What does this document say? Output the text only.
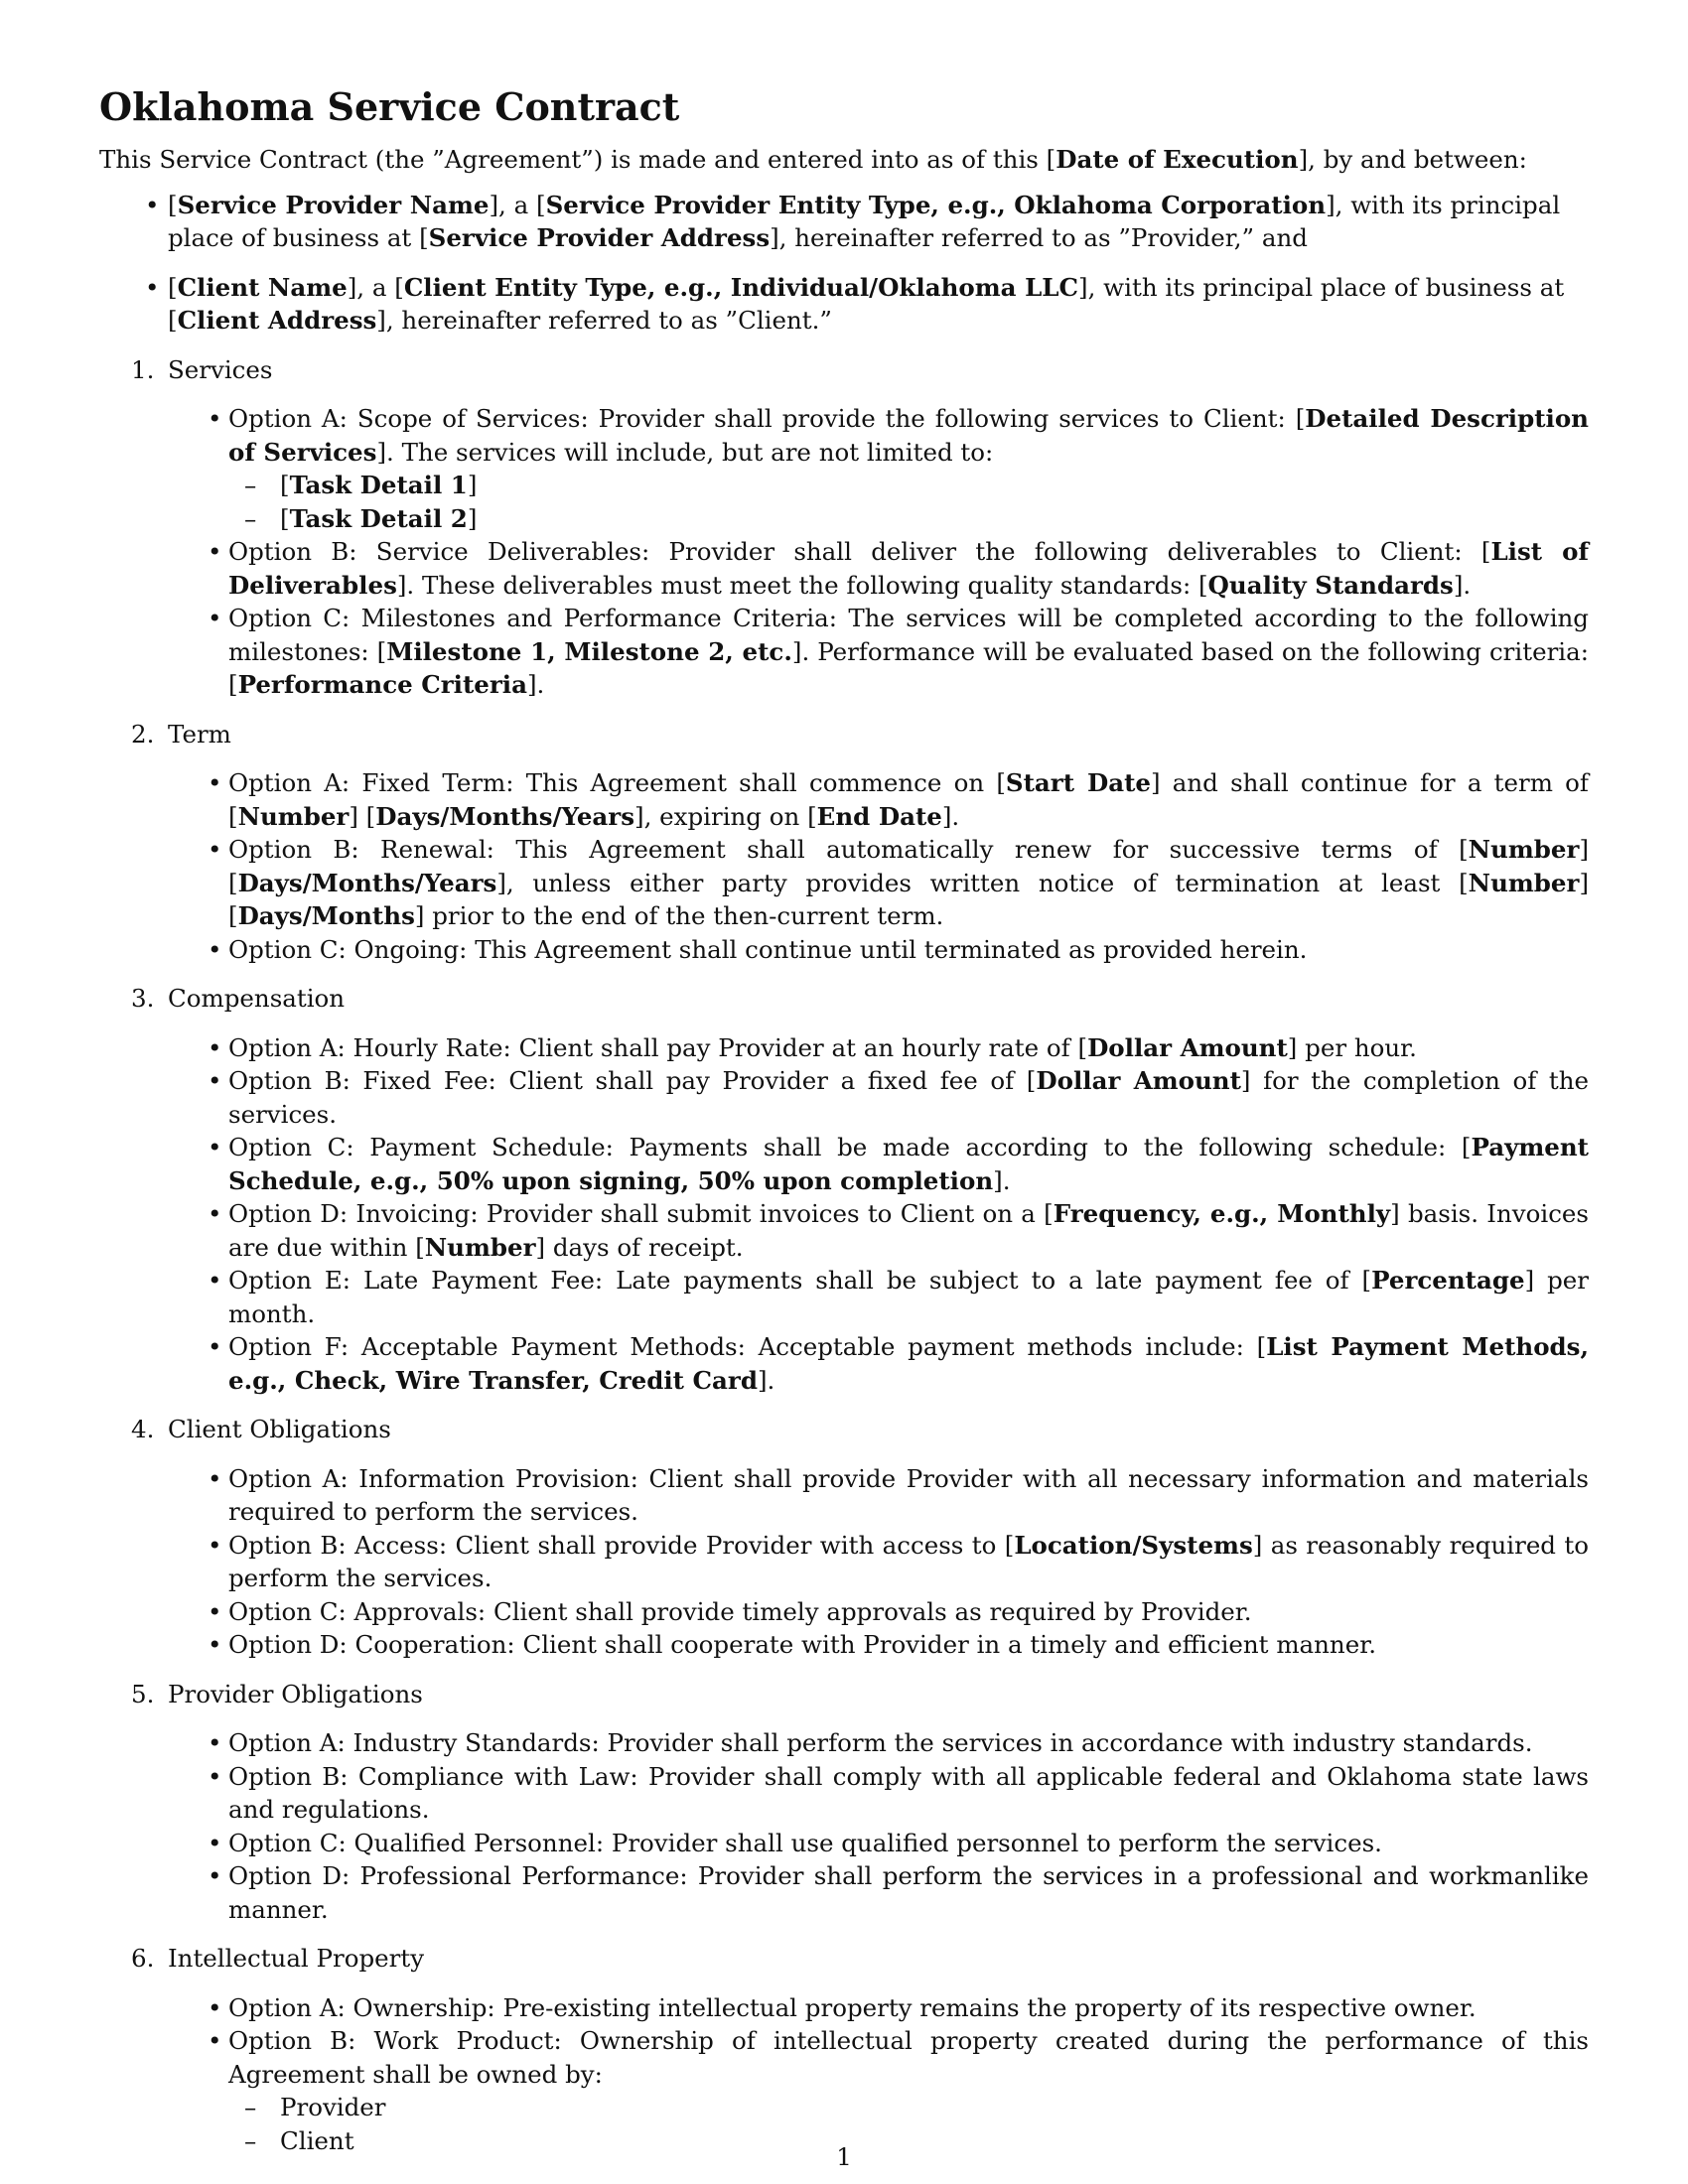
Oklahoma Service Contract

This Service Contract (the ”Agreement”) is made and entered into as of this [Date of Execution], by and between:

• [Service Provider Name], a [Service Provider Entity Type, e.g., Oklahoma Corporation], with its principal place of business at [Service Provider Address], hereinafter referred to as ”Provider,” and
• [Client Name], a [Client Entity Type, e.g., Individual/Oklahoma LLC], with its principal place of business at [Client Address], hereinafter referred to as ”Client.”
1. Services
• Option A: Scope of Services: Provider shall provide the following services to Client: [Detailed Description of Services]. The services will include, but are not limited to:
– [Task Detail 1]
– [Task Detail 2]
• Option B: Service Deliverables: Provider shall deliver the following deliverables to Client: [List of Deliverables]. These deliverables must meet the following quality standards: [Quality Standards].
• Option C: Milestones and Performance Criteria: The services will be completed according to the following milestones: [Milestone 1, Milestone 2, etc.]. Performance will be evaluated based on the following criteria: [Performance Criteria].
2. Term
• Option A: Fixed Term: This Agreement shall commence on [Start Date] and shall continue for a term of [Number] [Days/Months/Years], expiring on [End Date].
• Option B: Renewal: This Agreement shall automatically renew for successive terms of [Number] [Days/Months/Years], unless either party provides written notice of termination at least [Number] [Days/Months] prior to the end of the then-current term.
• Option C: Ongoing: This Agreement shall continue until terminated as provided herein.
3. Compensation
• Option A: Hourly Rate: Client shall pay Provider at an hourly rate of [Dollar Amount] per hour.
• Option B: Fixed Fee: Client shall pay Provider a fixed fee of [Dollar Amount] for the completion of the services.
• Option C: Payment Schedule: Payments shall be made according to the following schedule: [Payment Schedule, e.g., 50% upon signing, 50% upon completion].
• Option D: Invoicing: Provider shall submit invoices to Client on a [Frequency, e.g., Monthly] basis. Invoices are due within [Number] days of receipt.
• Option E: Late Payment Fee: Late payments shall be subject to a late payment fee of [Percentage] per month.
• Option F: Acceptable Payment Methods: Acceptable payment methods include: [List Payment Methods, e.g., Check, Wire Transfer, Credit Card].
4. Client Obligations
• Option A: Information Provision: Client shall provide Provider with all necessary information and materials required to perform the services.
• Option B: Access: Client shall provide Provider with access to [Location/Systems] as reasonably required to perform the services.
• Option C: Approvals: Client shall provide timely approvals as required by Provider.
• Option D: Cooperation: Client shall cooperate with Provider in a timely and efficient manner.
5. Provider Obligations
• Option A: Industry Standards: Provider shall perform the services in accordance with industry standards.
• Option B: Compliance with Law: Provider shall comply with all applicable federal and Oklahoma state laws and regulations.
• Option C: Qualified Personnel: Provider shall use qualified personnel to perform the services.
• Option D: Professional Performance: Provider shall perform the services in a professional and workmanlike manner.
6. Intellectual Property
• Option A: Ownership: Pre-existing intellectual property remains the property of its respective owner.
• Option B: Work Product: Ownership of intellectual property created during the performance of this Agreement shall be owned by:
– Provider
– Client
1
